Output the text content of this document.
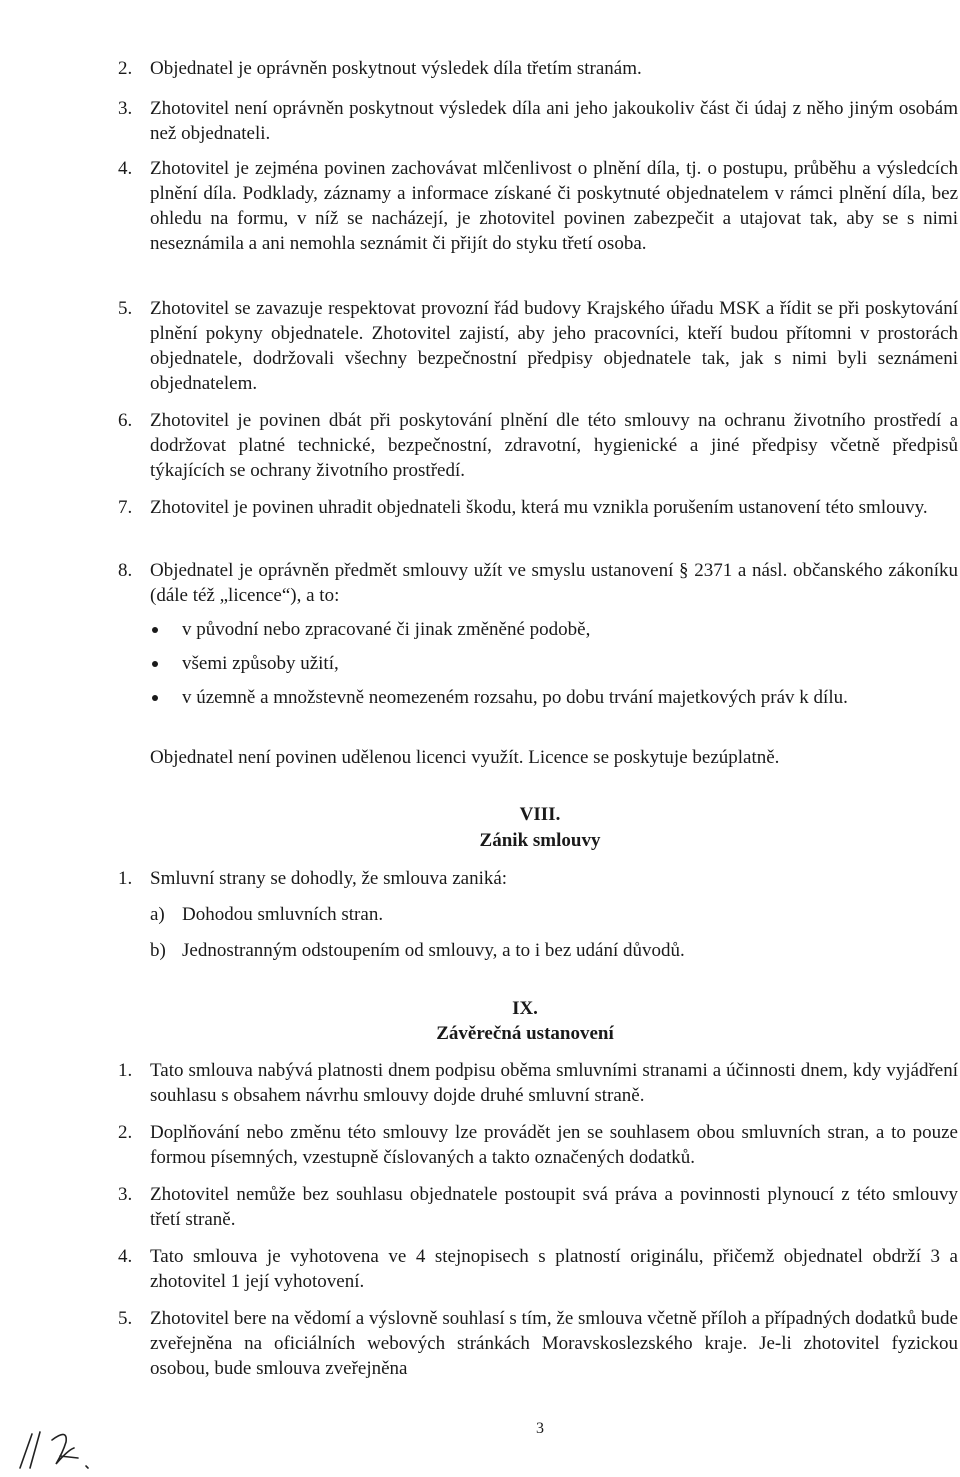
2. Objednatel je oprávněn poskytnout výsledek díla třetím stranám.
3. Zhotovitel není oprávněn poskytnout výsledek díla ani jeho jakoukoliv část či údaj z něho jiným osobám než objednateli.
4. Zhotovitel je zejména povinen zachovávat mlčenlivost o plnění díla, tj. o postupu, průběhu a výsledcích plnění díla. Podklady, záznamy a informace získané či poskytnuté objednatelem v rámci plnění díla, bez ohledu na formu, v níž se nacházejí, je zhotovitel povinen zabezpečit a utajovat tak, aby se s nimi neseznámila a ani nemohla seznámit či přijít do styku třetí osoba.
5. Zhotovitel se zavazuje respektovat provozní řád budovy Krajského úřadu MSK a řídit se při poskytování plnění pokyny objednatele. Zhotovitel zajistí, aby jeho pracovníci, kteří budou přítomni v prostorách objednatele, dodržovali všechny bezpečnostní předpisy objednatele tak, jak s nimi byli seznámeni objednatelem.
6. Zhotovitel je povinen dbát při poskytování plnění dle této smlouvy na ochranu životního prostředí a dodržovat platné technické, bezpečnostní, zdravotní, hygienické a jiné předpisy včetně předpisů týkajících se ochrany životního prostředí.
7. Zhotovitel je povinen uhradit objednateli škodu, která mu vznikla porušením ustanovení této smlouvy.
8. Objednatel je oprávněn předmět smlouvy užít ve smyslu ustanovení § 2371 a násl. občanského zákoníku (dále též „licence“), a to:
v původní nebo zpracované či jinak změněné podobě,
všemi způsoby užití,
v územně a množstevně neomezeném rozsahu, po dobu trvání majetkových práv k dílu.
Objednatel není povinen udělenou licenci využít. Licence se poskytuje bezúplatně.
VIII.
Zánik smlouvy
1. Smluvní strany se dohodly, že smlouva zaniká:
a) Dohodou smluvních stran.
b) Jednostranným odstoupením od smlouvy, a to i bez udání důvodů.
IX.
Závěrečná ustanovení
1. Tato smlouva nabývá platnosti dnem podpisu oběma smluvními stranami a účinnosti dnem, kdy vyjádření souhlasu s obsahem návrhu smlouvy dojde druhé smluvní straně.
2. Doplňování nebo změnu této smlouvy lze provádět jen se souhlasem obou smluvních stran, a to pouze formou písemných, vzestupně číslovaných a takto označených dodatků.
3. Zhotovitel nemůže bez souhlasu objednatele postoupit svá práva a povinnosti plynoucí z této smlouvy třetí straně.
4. Tato smlouva je vyhotovena ve 4 stejnopisech s platností originálu, přičemž objednatel obdrží 3 a zhotovitel 1 její vyhotovení.
5. Zhotovitel bere na vědomí a výslovně souhlasí s tím, že smlouva včetně příloh a případných dodatků bude zveřejněna na oficiálních webových stránkách Moravskoslezského kraje. Je-li zhotovitel fyzickou osobou, bude smlouva zveřejněna
3
